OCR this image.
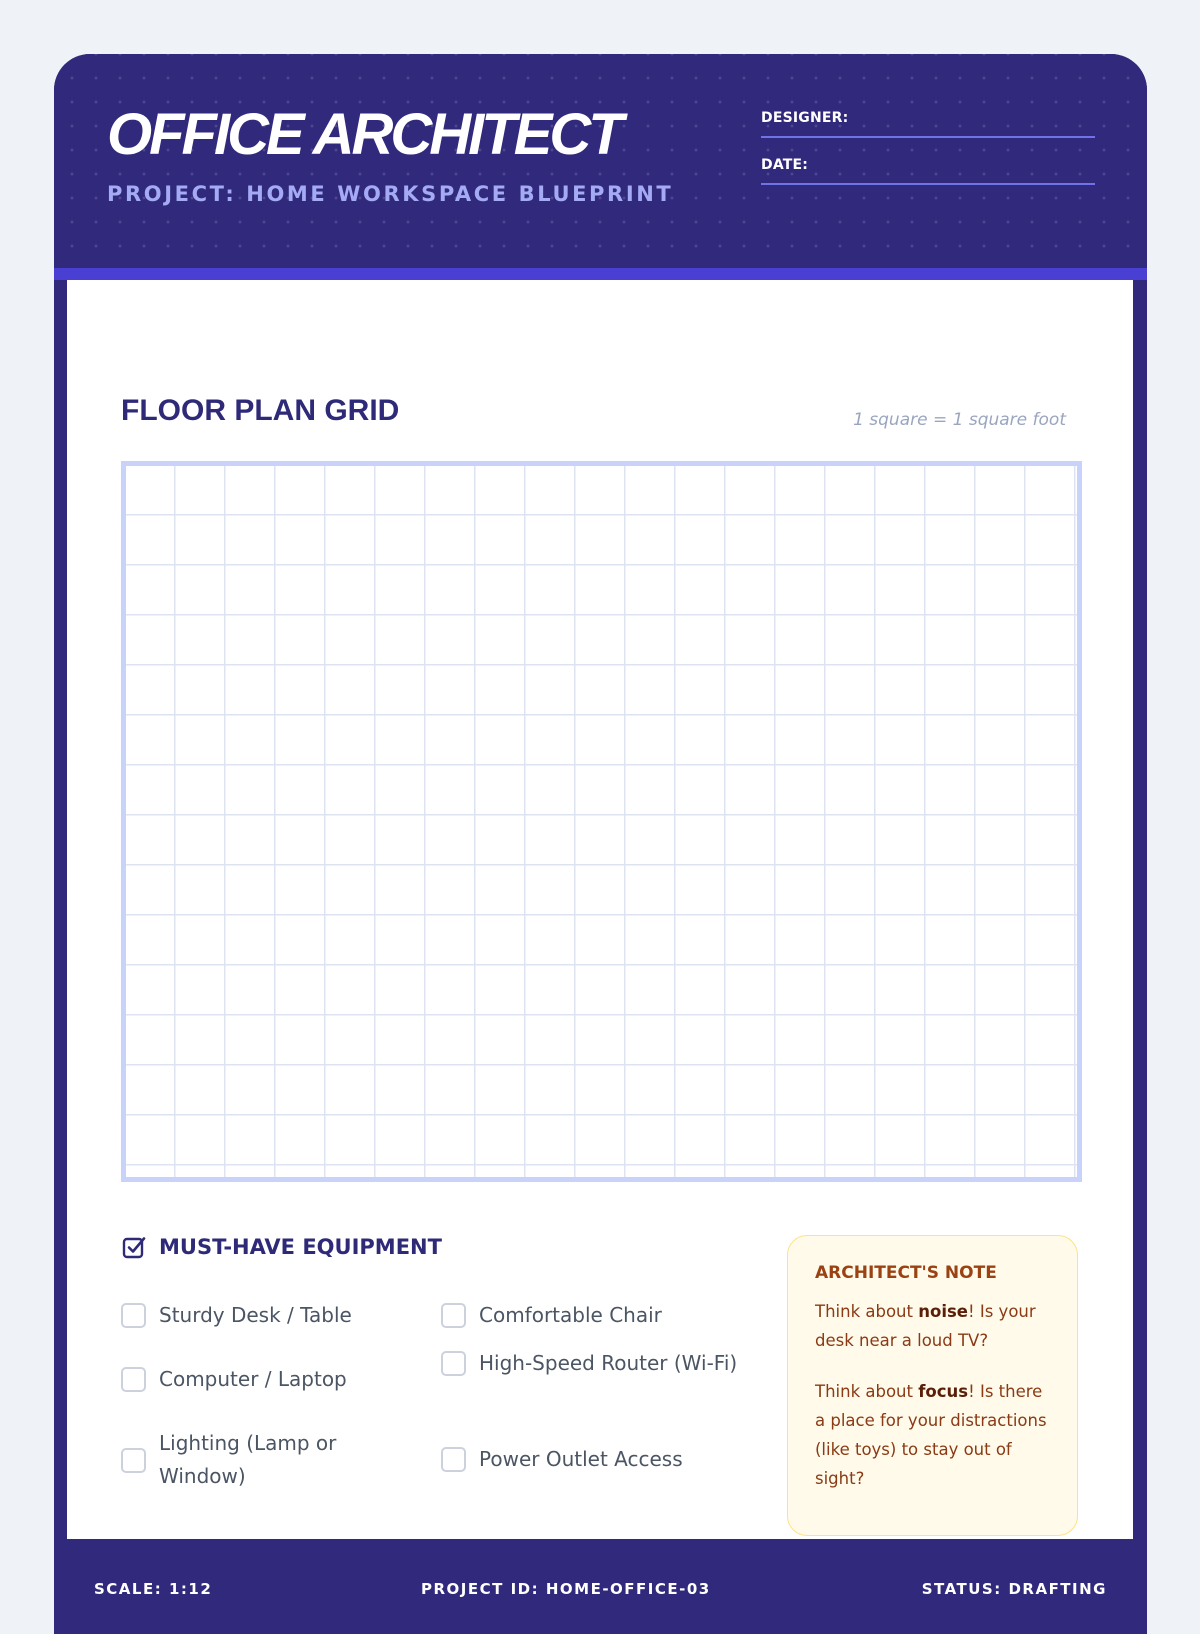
OFFICE ARCHITECT
PROJECT: HOME WORKSPACE BLUEPRINT
DESIGNER:
DATE:
FLOOR PLAN GRID	1 square = 1 square foot
MUST-HAVE EQUIPMENT
Sturdy Desk / Table	Comfortable Chair
Computer / Laptop
High-Speed Router (Wi-Fi)
Lighting (Lamp or Window)
Power Outlet Access
ARCHITECT'S NOTE
Think about noise! Is your desk near a loud TV?
Think about focus! Is there a place for your distractions (like toys) to stay out of sight?
SCALE: 1:12	PROJECT ID: HOME-OFFICE-03	STATUS: DRAFTING
